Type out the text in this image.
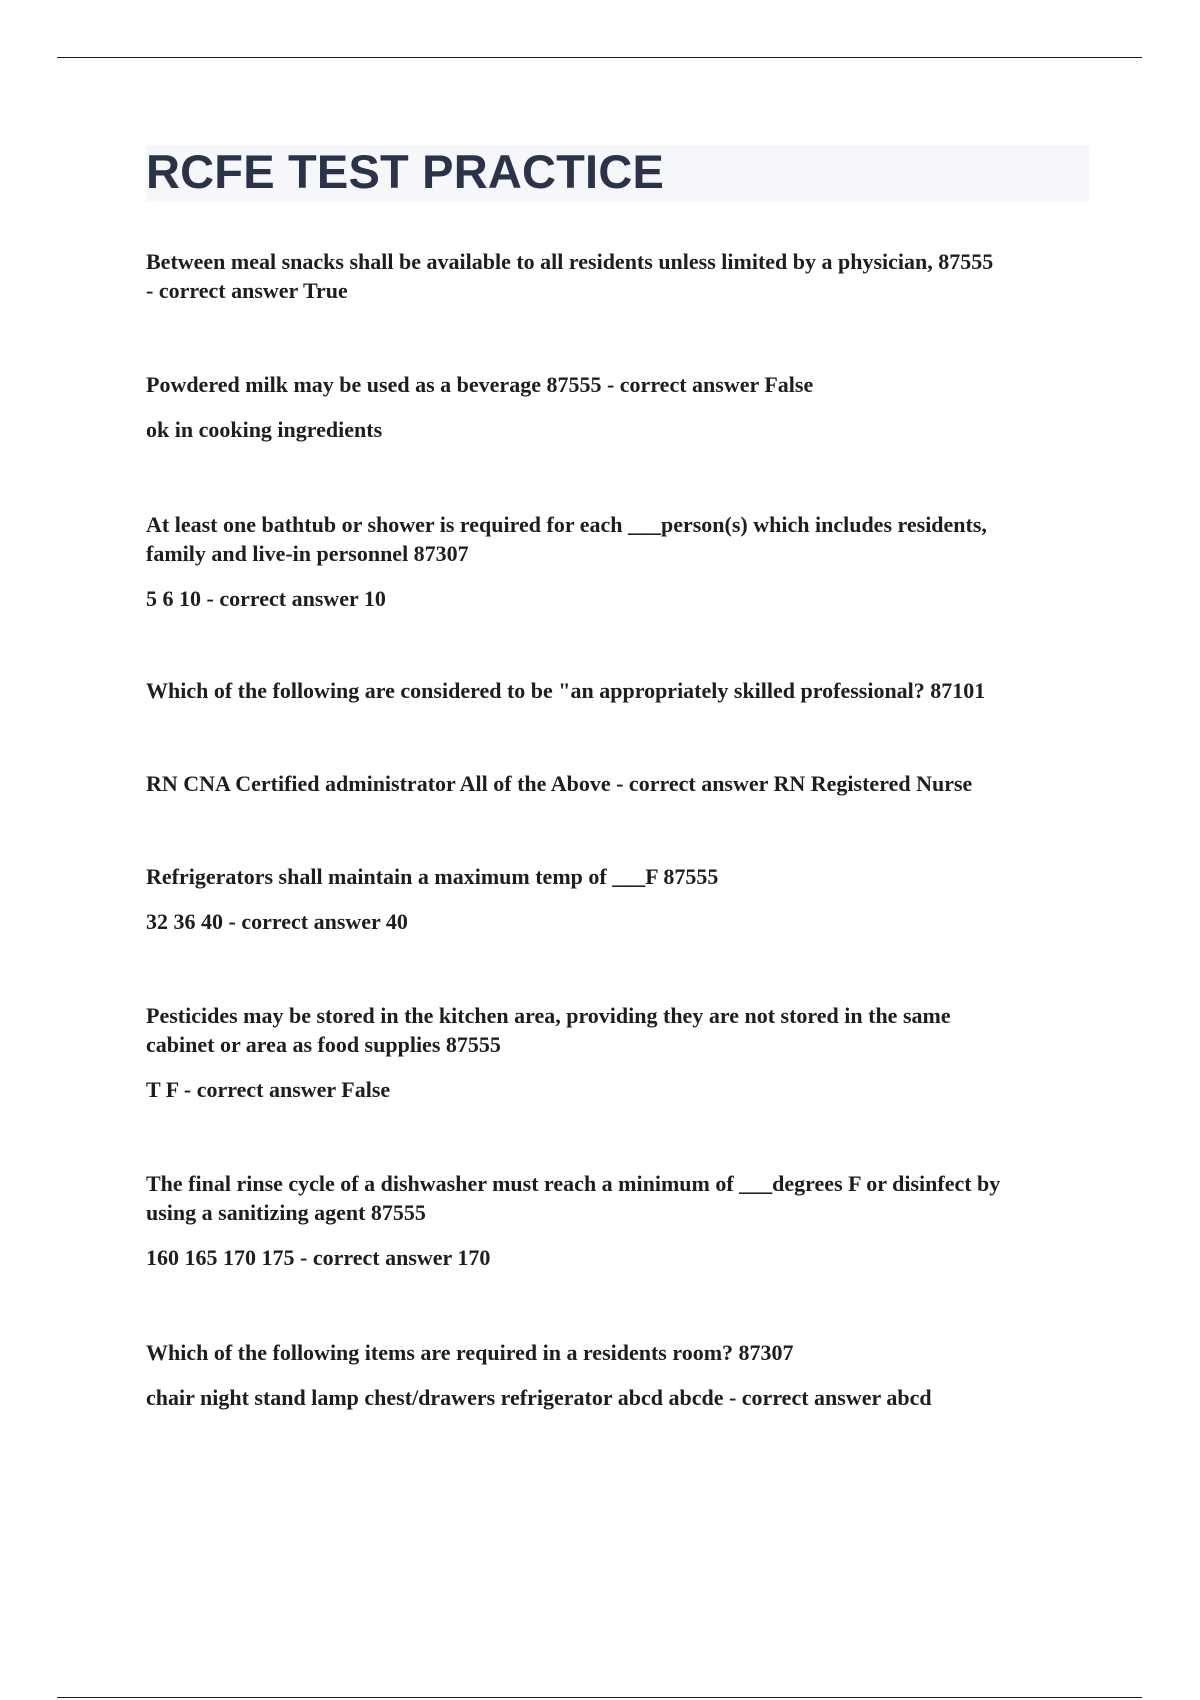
RCFE TEST PRACTICE

Between meal snacks shall be available to all residents unless limited by a physician, 87555

- correct answer True

Powdered milk may be used as a beverage 87555 - correct answer False

ok in cooking ingredients

At least one bathtub or shower is required for each ___person(s) which includes residents,

family and live-in personnel 87307

5 6 10 - correct answer 10

Which of the following are considered to be "an appropriately skilled professional? 87101

RN CNA Certified administrator All of the Above - correct answer RN Registered Nurse

Refrigerators shall maintain a maximum temp of ___F 87555

32 36 40 - correct answer 40

Pesticides may be stored in the kitchen area, providing they are not stored in the same

cabinet or area as food supplies 87555

T F - correct answer False

The final rinse cycle of a dishwasher must reach a minimum of ___degrees F or disinfect by

using a sanitizing agent 87555

160 165 170 175 - correct answer 170

Which of the following items are required in a residents room? 87307

chair night stand lamp chest/drawers refrigerator abcd abcde - correct answer abcd
